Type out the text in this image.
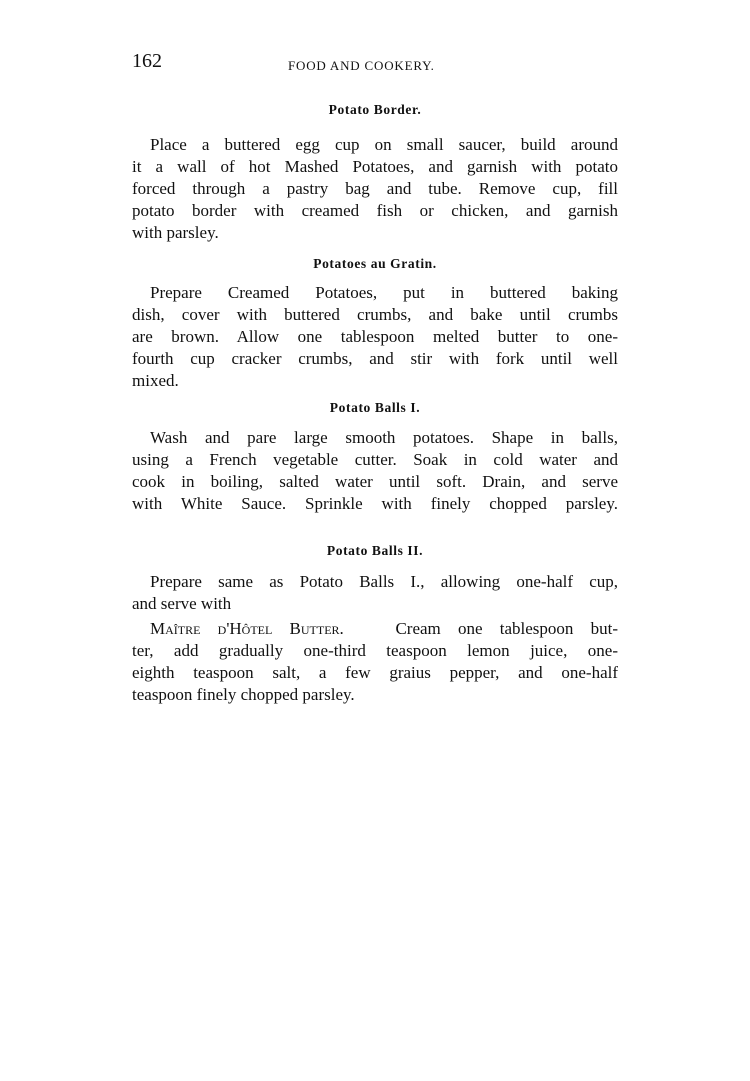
162	FOOD AND COOKERY.
Potato Border.
Place a buttered egg cup on small saucer, build around
it a wall of hot Mashed Potatoes, and garnish with potato
forced through a pastry bag and tube. Remove cup, fill
potato border with creamed fish or chicken, and garnish
with parsley.
Potatoes au Gratin.
Prepare Creamed Potatoes, put in buttered baking
dish, cover with buttered crumbs, and bake until crumbs
are brown. Allow one tablespoon melted butter to one-
fourth cup cracker crumbs, and stir with fork until well
mixed.
Potato Balls I.
Wash and pare large smooth potatoes. Shape in balls,
using a French vegetable cutter. Soak in cold water and
cook in boiling, salted water until soft. Drain, and serve
with White Sauce. Sprinkle with finely chopped parsley.
Potato Balls II.
Prepare same as Potato Balls I., allowing one-half cup,
and serve with
Maître d'Hôtel Butter.	Cream one tablespoon but-
ter, add gradually one-third teaspoon lemon juice, one-
eighth teaspoon salt, a few graius pepper, and one-half
teaspoon finely chopped parsley.
